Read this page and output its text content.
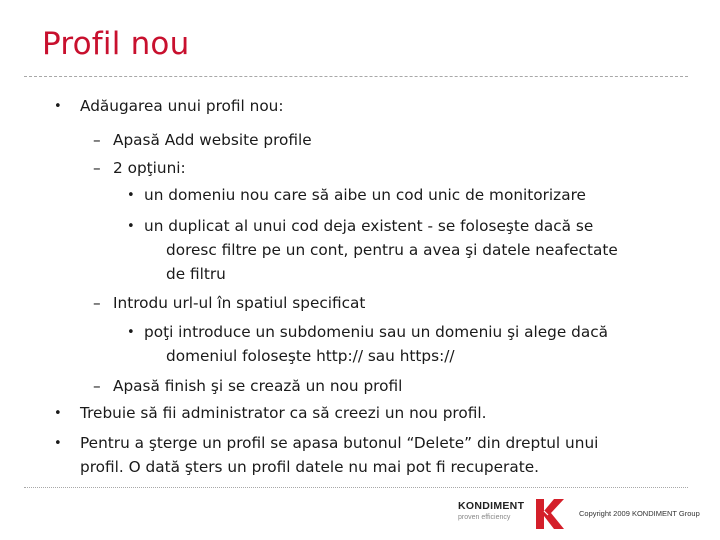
Profil nou
• Adăugarea unui profil nou:
– Apasă Add website profile
– 2 opţiuni:
• un domeniu nou care să aibe un cod unic de monitorizare
• un duplicat al unui cod deja existent - se foloseşte dacă se
doresc filtre pe un cont, pentru a avea şi datele neafectate
de filtru
– Introdu url-ul în spatiul specificat
• poţi introduce un subdomeniu sau un domeniu şi alege dacă
domeniul foloseşte http:// sau https://
– Apasă finish şi se crează un nou profil
• Trebuie să fii administrator ca să creezi un nou profil.
• Pentru a şterge un profil se apasa butonul “Delete” din dreptul unui
profil. O dată şters un profil datele nu mai pot fi recuperate.
KONDIMENT
proven efficiency	Copyright 2009 KONDIMENT Group
